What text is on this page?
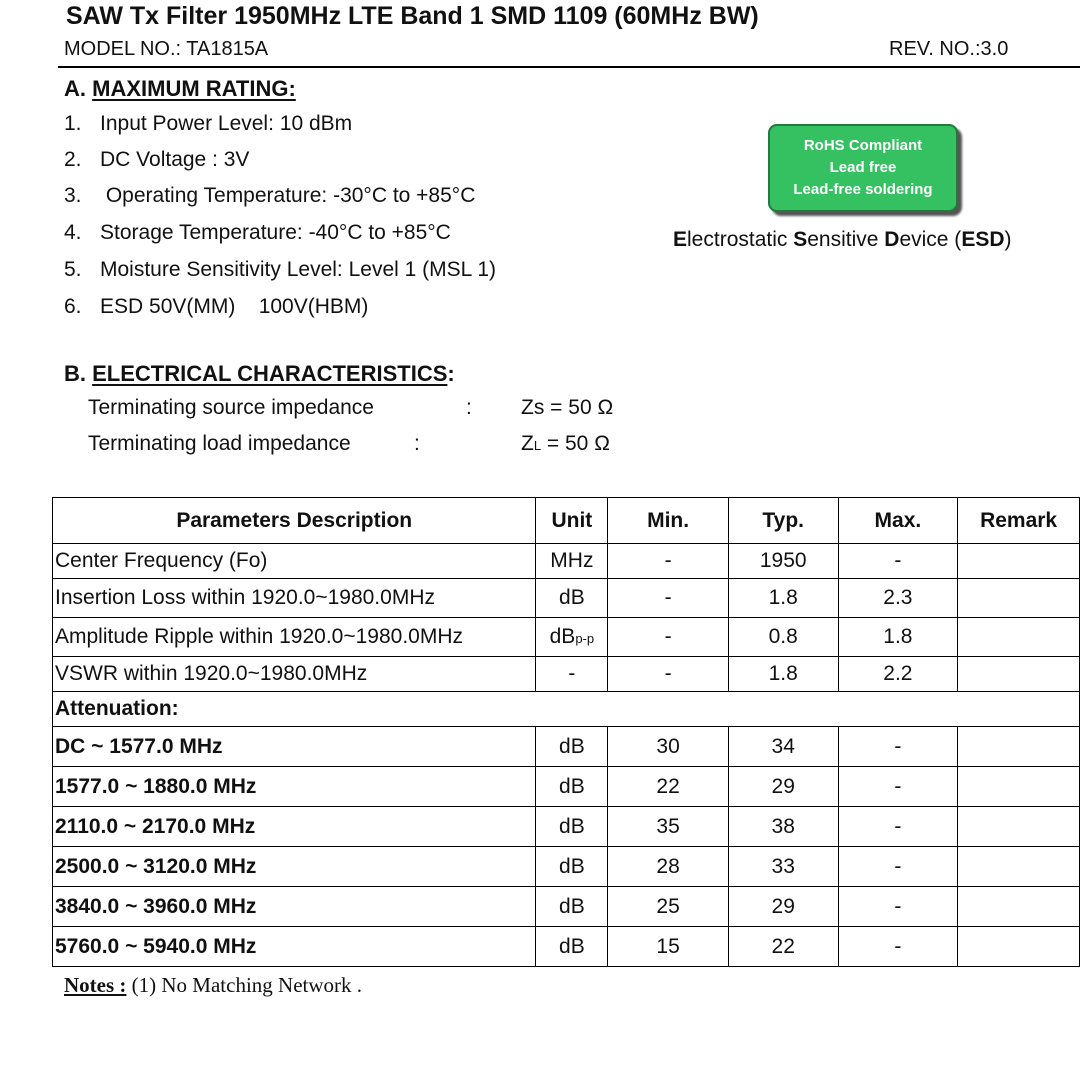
SAW Tx Filter 1950MHz LTE Band 1 SMD 1109 (60MHz BW)
MODEL NO.: TA1815A	REV. NO.:3.0
A. MAXIMUM RATING:
1. Input Power Level: 10 dBm
2. DC Voltage : 3V
3. Operating Temperature: -30°C to +85°C
4. Storage Temperature: -40°C to +85°C
5. Moisture Sensitivity Level: Level 1 (MSL 1)
6. ESD 50V(MM)    100V(HBM)
RoHS Compliant
Lead free
Lead-free soldering
Electrostatic Sensitive Device (ESD)
B. ELECTRICAL CHARACTERISTICS:
Terminating source impedance	: Zs = 50 Ω
Terminating load impedance	:	ZL = 50 Ω
Parameters Description	Unit	Min.	Typ.	Max.	Remark
Center Frequency (Fo)	MHz	-	1950	-	
Insertion Loss within 1920.0~1980.0MHz	dB	-	1.8	2.3	
Amplitude Ripple within 1920.0~1980.0MHz	dBp-p	-	0.8	1.8	
VSWR within 1920.0~1980.0MHz	-	-	1.8	2.2	
Attenuation:					
DC ~ 1577.0 MHz	dB	30	34	-	
1577.0 ~ 1880.0 MHz	dB	22	29	-	
2110.0 ~ 2170.0 MHz	dB	35	38	-	
2500.0 ~ 3120.0 MHz	dB	28	33	-	
3840.0 ~ 3960.0 MHz	dB	25	29	-	
5760.0 ~ 5940.0 MHz	dB	15	22	-	
Notes : (1) No Matching Network .
